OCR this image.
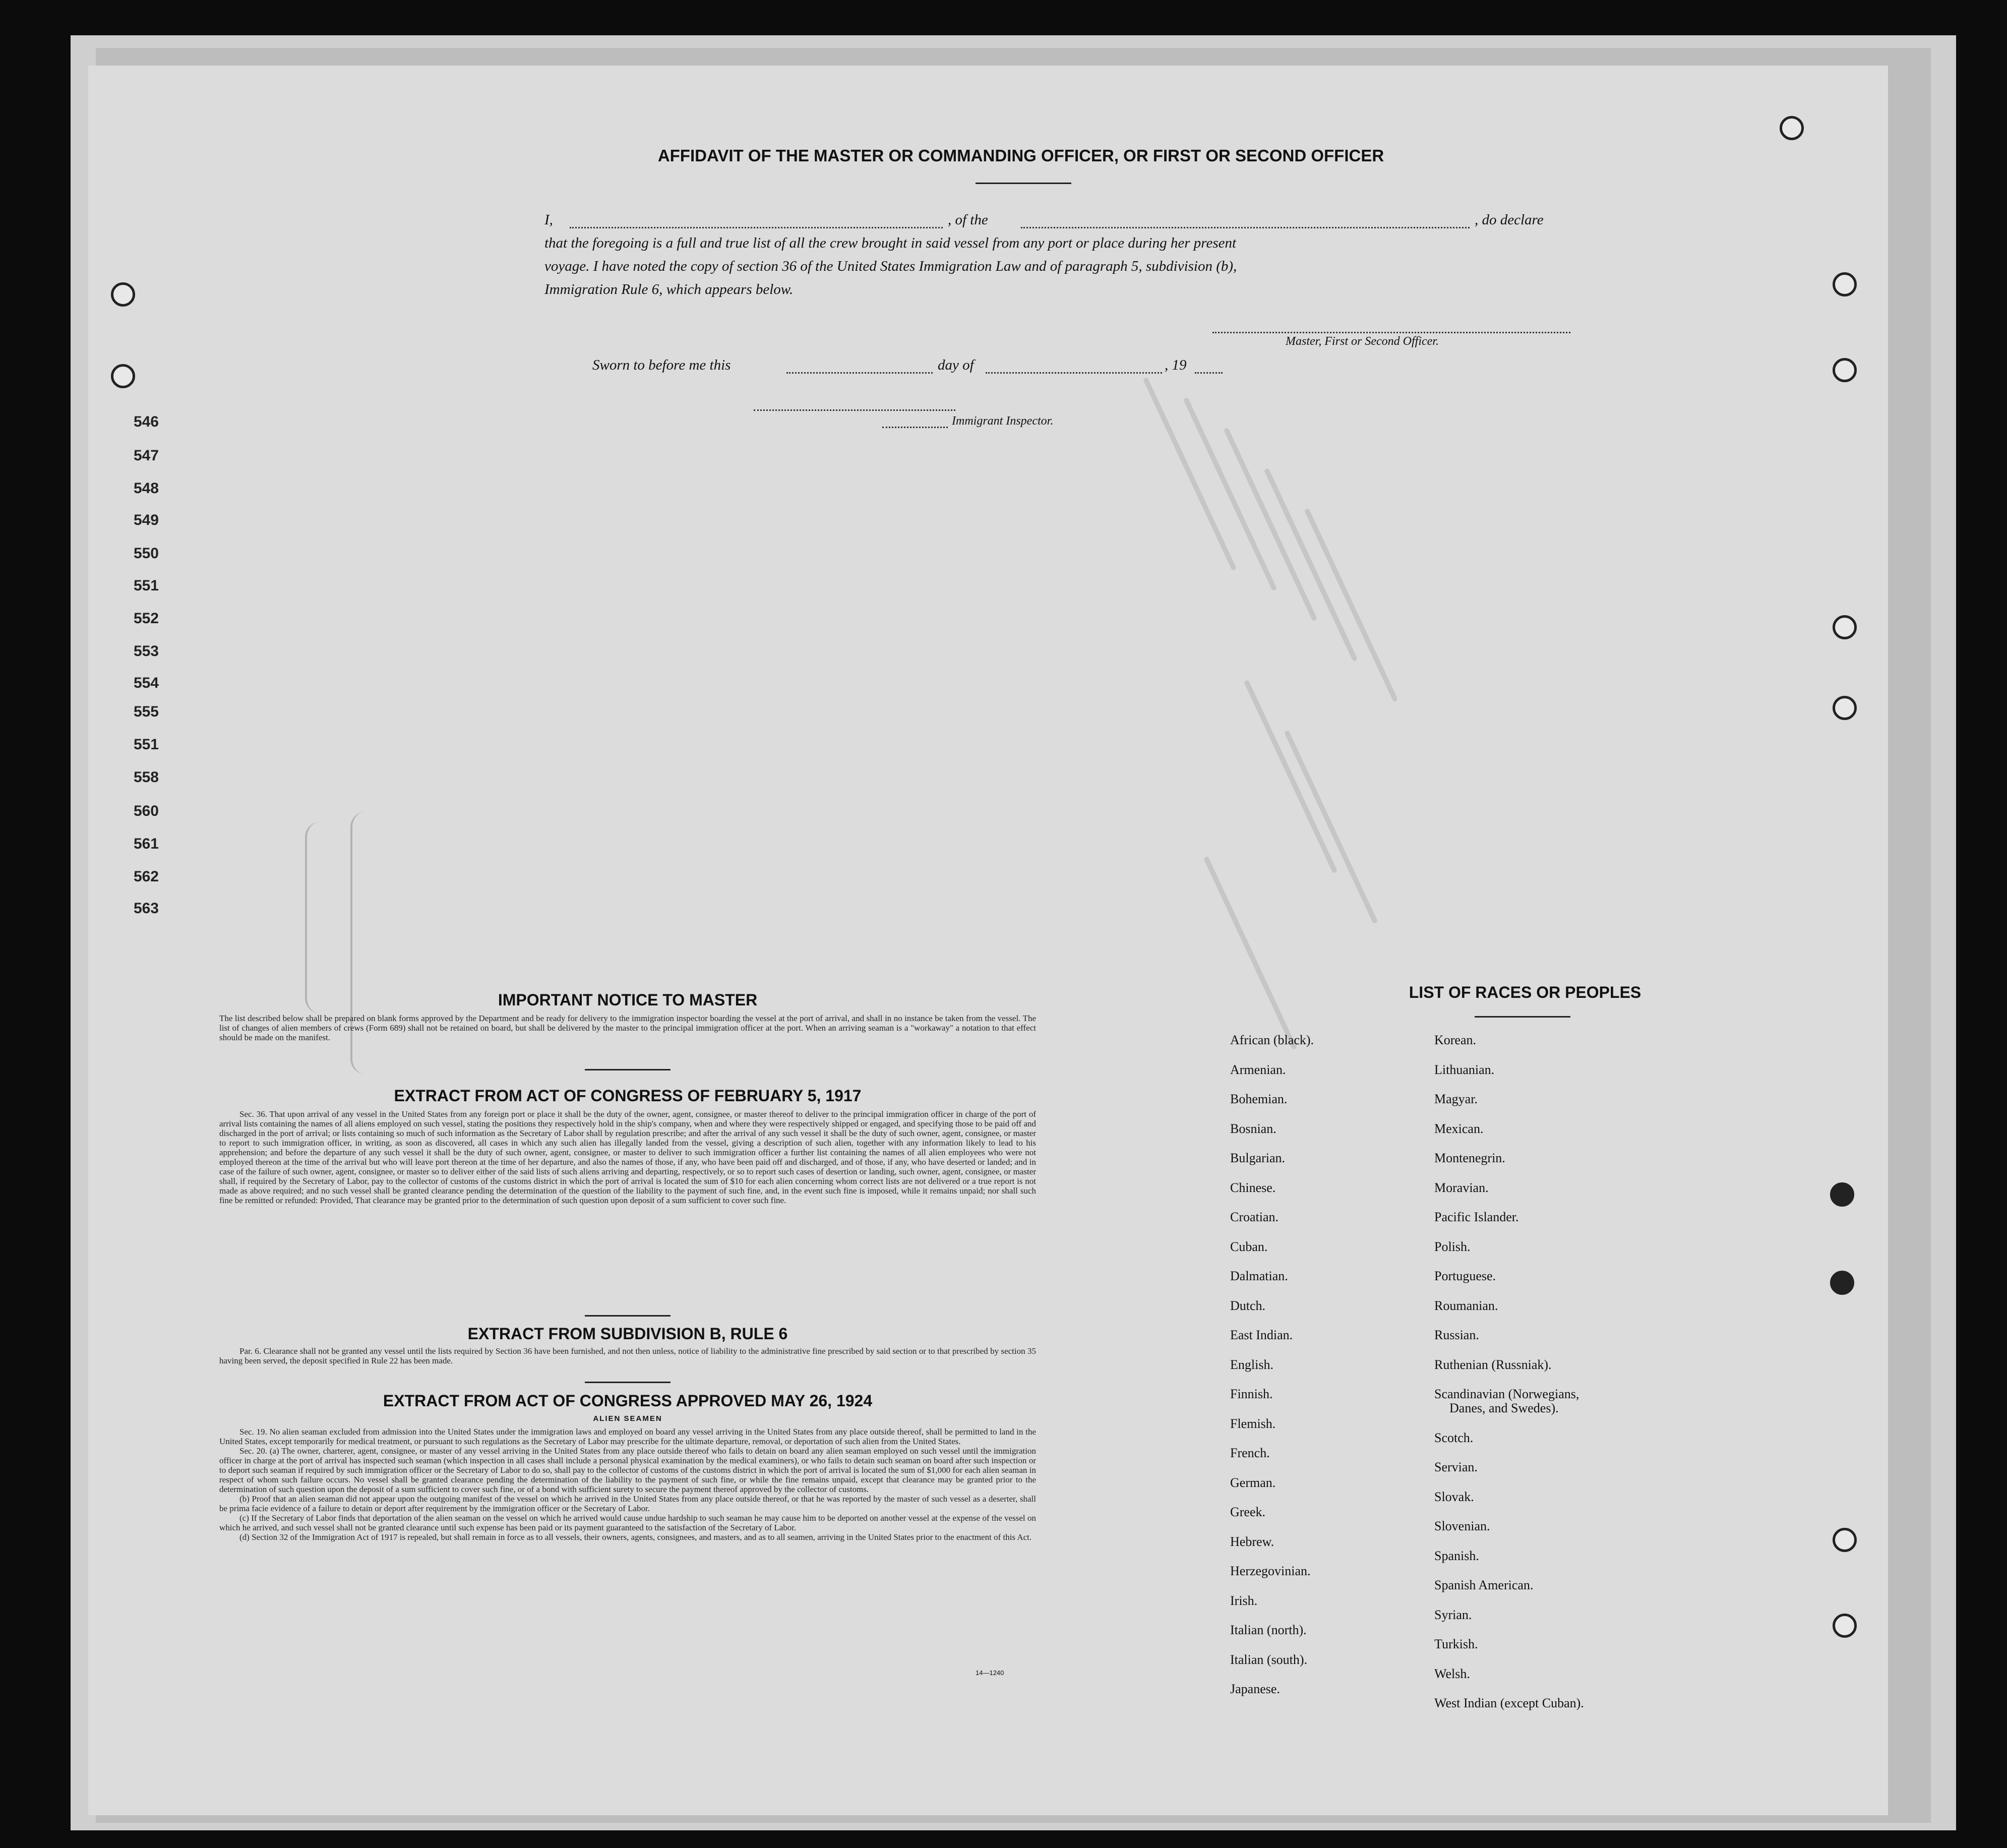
546
547
548
549
550
551
552
553
554
555
551
558
560
561
562
563
AFFIDAVIT OF THE MASTER OR COMMANDING OFFICER, OR FIRST OR SECOND OFFICER
I,	, of the	, do declare
that the foregoing is a full and true list of all the crew brought in said vessel from any port or place during her present
voyage. I have noted the copy of section 36 of the United States Immigration Law and of paragraph 5, subdivision (b),
Immigration Rule 6, which appears below.
Master, First or Second Officer.
Sworn to before me this	day of	, 19
Immigrant Inspector.
IMPORTANT NOTICE TO MASTER
The list described below shall be prepared on blank forms approved by the Department and be ready for delivery to the immigration inspector boarding the vessel at the port of arrival, and shall in no instance be taken from the vessel. The list of changes of alien members of crews (Form 689) shall not be retained on board, but shall be delivered by the master to the principal immigration officer at the port. When an arriving seaman is a "workaway" a notation to that effect should be made on the manifest.
EXTRACT FROM ACT OF CONGRESS OF FEBRUARY 5, 1917
Sec. 36. That upon arrival of any vessel in the United States from any foreign port or place it shall be the duty of the owner, agent, consignee, or master thereof to deliver to the principal immigration officer in charge of the port of arrival lists containing the names of all aliens employed on such vessel, stating the positions they respectively hold in the ship's company, when and where they were respectively shipped or engaged, and specifying those to be paid off and discharged in the port of arrival; or lists containing so much of such information as the Secretary of Labor shall by regulation prescribe; and after the arrival of any such vessel it shall be the duty of such owner, agent, consignee, or master to report to such immigration officer, in writing, as soon as discovered, all cases in which any such alien has illegally landed from the vessel, giving a description of such alien, together with any information likely to lead to his apprehension; and before the departure of any such vessel it shall be the duty of such owner, agent, consignee, or master to deliver to such immigration officer a further list containing the names of all alien employees who were not employed thereon at the time of the arrival but who will leave port thereon at the time of her departure, and also the names of those, if any, who have been paid off and discharged, and of those, if any, who have deserted or landed; and in case of the failure of such owner, agent, consignee, or master so to deliver either of the said lists of such aliens arriving and departing, respectively, or so to report such cases of desertion or landing, such owner, agent, consignee, or master shall, if required by the Secretary of Labor, pay to the collector of customs of the customs district in which the port of arrival is located the sum of $10 for each alien concerning whom correct lists are not delivered or a true report is not made as above required; and no such vessel shall be granted clearance pending the determination of the question of the liability to the payment of such fine, and, in the event such fine is imposed, while it remains unpaid; nor shall such fine be remitted or refunded: Provided, That clearance may be granted prior to the determination of such question upon deposit of a sum sufficient to cover such fine.
EXTRACT FROM SUBDIVISION B, RULE 6
Par. 6. Clearance shall not be granted any vessel until the lists required by Section 36 have been furnished, and not then unless, notice of liability to the administrative fine prescribed by said section or to that prescribed by section 35 having been served, the deposit specified in Rule 22 has been made.
EXTRACT FROM ACT OF CONGRESS APPROVED MAY 26, 1924
ALIEN SEAMEN
Sec. 19. No alien seaman excluded from admission into the United States under the immigration laws and employed on board any vessel arriving in the United States from any place outside thereof, shall be permitted to land in the United States, except temporarily for medical treatment, or pursuant to such regulations as the Secretary of Labor may prescribe for the ultimate departure, removal, or deportation of such alien from the United States.
Sec. 20. (a) The owner, charterer, agent, consignee, or master of any vessel arriving in the United States from any place outside thereof who fails to detain on board any alien seaman employed on such vessel until the immigration officer in charge at the port of arrival has inspected such seaman (which inspection in all cases shall include a personal physical examination by the medical examiners), or who fails to detain such seaman on board after such inspection or to deport such seaman if required by such immigration officer or the Secretary of Labor to do so, shall pay to the collector of customs of the customs district in which the port of arrival is located the sum of $1,000 for each alien seaman in respect of whom such failure occurs. No vessel shall be granted clearance pending the determination of the liability to the payment of such fine, or while the fine remains unpaid, except that clearance may be granted prior to the determination of such question upon the deposit of a sum sufficient to cover such fine, or of a bond with sufficient surety to secure the payment thereof approved by the collector of customs.
(b) Proof that an alien seaman did not appear upon the outgoing manifest of the vessel on which he arrived in the United States from any place outside thereof, or that he was reported by the master of such vessel as a deserter, shall be prima facie evidence of a failure to detain or deport after requirement by the immigration officer or the Secretary of Labor.
(c) If the Secretary of Labor finds that deportation of the alien seaman on the vessel on which he arrived would cause undue hardship to such seaman he may cause him to be deported on another vessel at the expense of the vessel on which he arrived, and such vessel shall not be granted clearance until such expense has been paid or its payment guaranteed to the satisfaction of the Secretary of Labor.
(d) Section 32 of the Immigration Act of 1917 is repealed, but shall remain in force as to all vessels, their owners, agents, consignees, and masters, and as to all seamen, arriving in the United States prior to the enactment of this Act.
14—1240
LIST OF RACES OR PEOPLES
African (black).
Armenian.
Bohemian.
Bosnian.
Bulgarian.
Chinese.
Croatian.
Cuban.
Dalmatian.
Dutch.
East Indian.
English.
Finnish.
Flemish.
French.
German.
Greek.
Hebrew.
Herzegovinian.
Irish.
Italian (north).
Italian (south).
Japanese.
Korean.
Lithuanian.
Magyar.
Mexican.
Montenegrin.
Moravian.
Pacific Islander.
Polish.
Portuguese.
Roumanian.
Russian.
Ruthenian (Russniak).
Scandinavian (Norwegians,
Danes, and Swedes).
Scotch.
Servian.
Slovak.
Slovenian.
Spanish.
Spanish American.
Syrian.
Turkish.
Welsh.
West Indian (except Cuban).
